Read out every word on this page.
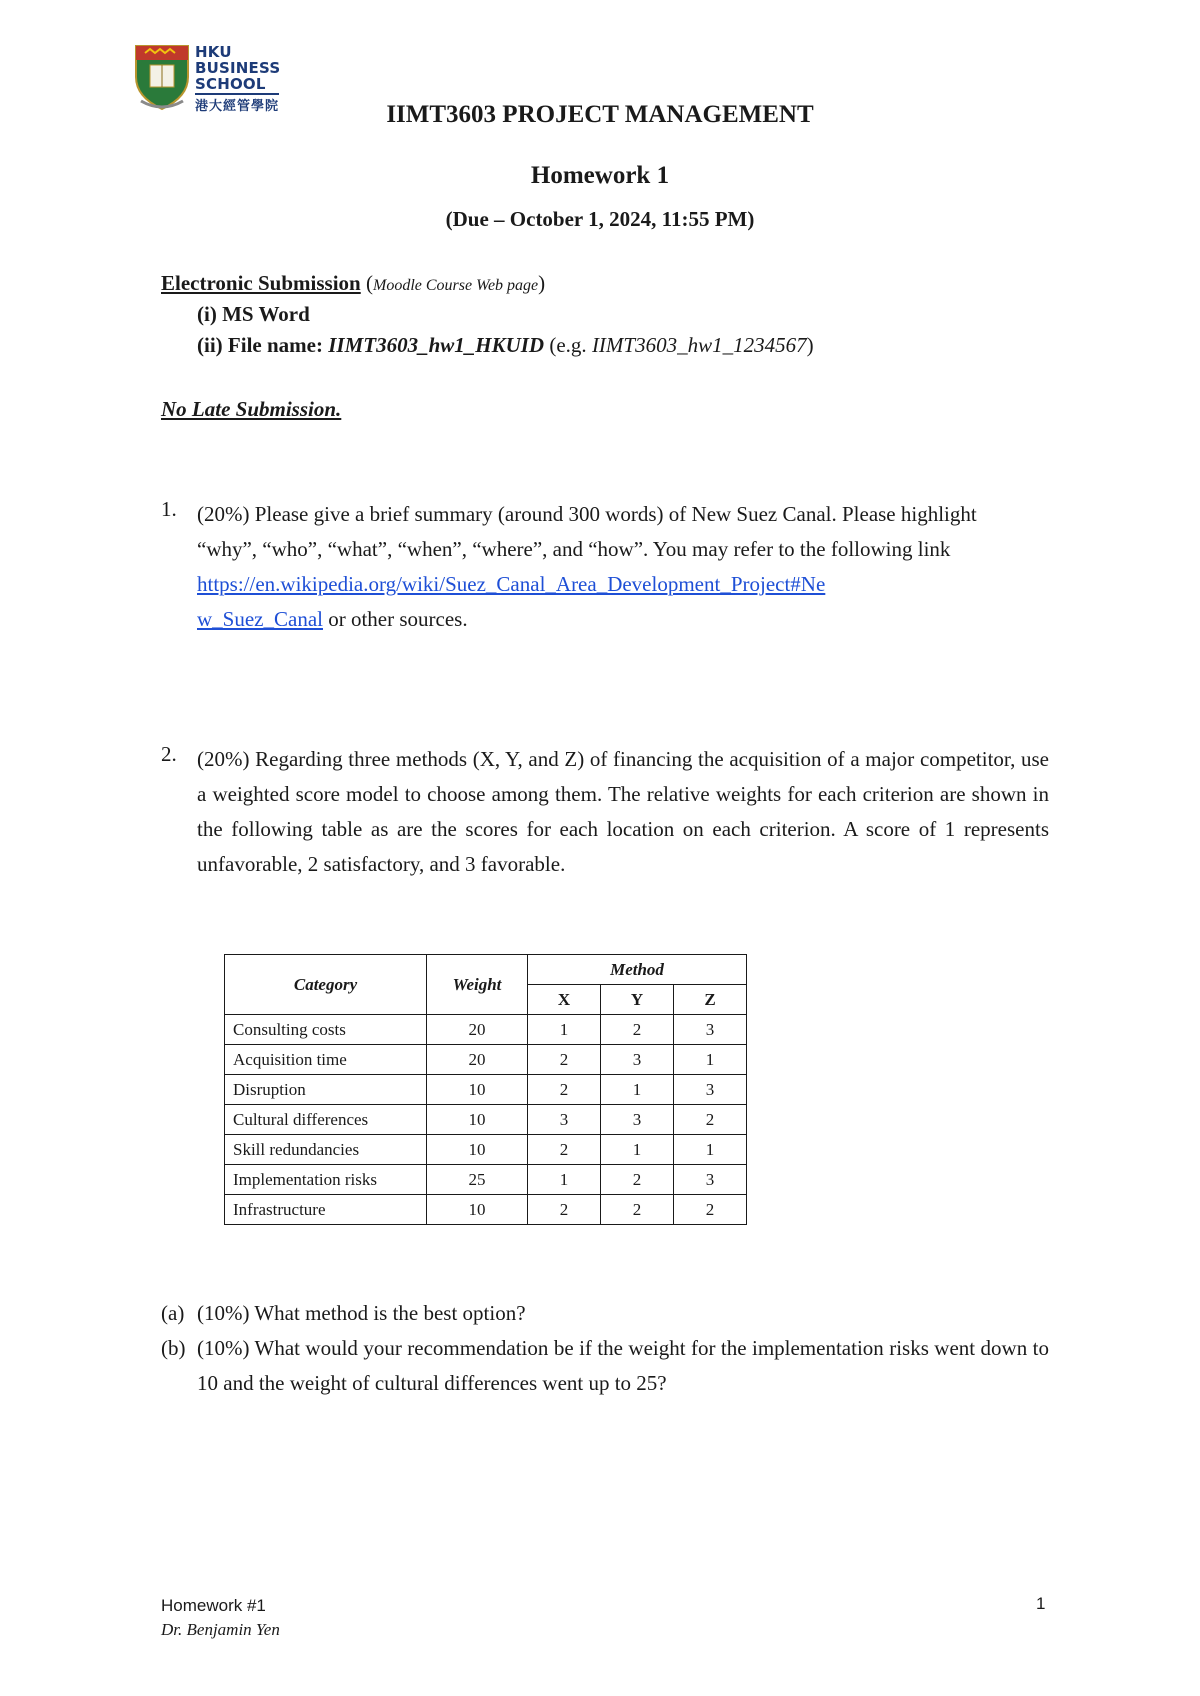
HKU
BUSINESS
SCHOOL
港大經管學院	IIMT3603 PROJECT MANAGEMENT
Homework 1
(Due – October 1, 2024, 11:55 PM)
Electronic Submission (Moodle Course Web page)
(i) MS Word
(ii) File name: IIMT3603_hw1_HKUID (e.g. IIMT3603_hw1_1234567)
No Late Submission.
1. (20%) Please give a brief summary (around 300 words) of New Suez Canal. Please highlight “why”, “who”, “what”, “when”, “where”, and “how”. You may refer to the following link
https://en.wikipedia.org/wiki/Suez_Canal_Area_Development_Project#Ne
w_Suez_Canal or other sources.
2. (20%) Regarding three methods (X, Y, and Z) of financing the acquisition of a major competitor, use a weighted score model to choose among them. The relative weights for each criterion are shown in the following table as are the scores for each location on each criterion. A score of 1 represents unfavorable, 2 satisfactory, and 3 favorable.
Category	Weight	Method		
		X	Y	Z
Consulting costs	20	1	2	3
Acquisition time	20	2	3	1
Disruption	10	2	1	3
Cultural differences	10	3	3	2
Skill redundancies	10	2	1	1
Implementation risks	25	1	2	3
Infrastructure	10	2	2	2
(a) (10%) What method is the best option?
(b) (10%) What would your recommendation be if the weight for the implementation risks went down to 10 and the weight of cultural differences went up to 25?
Homework #1
Dr. Benjamin Yen
1
